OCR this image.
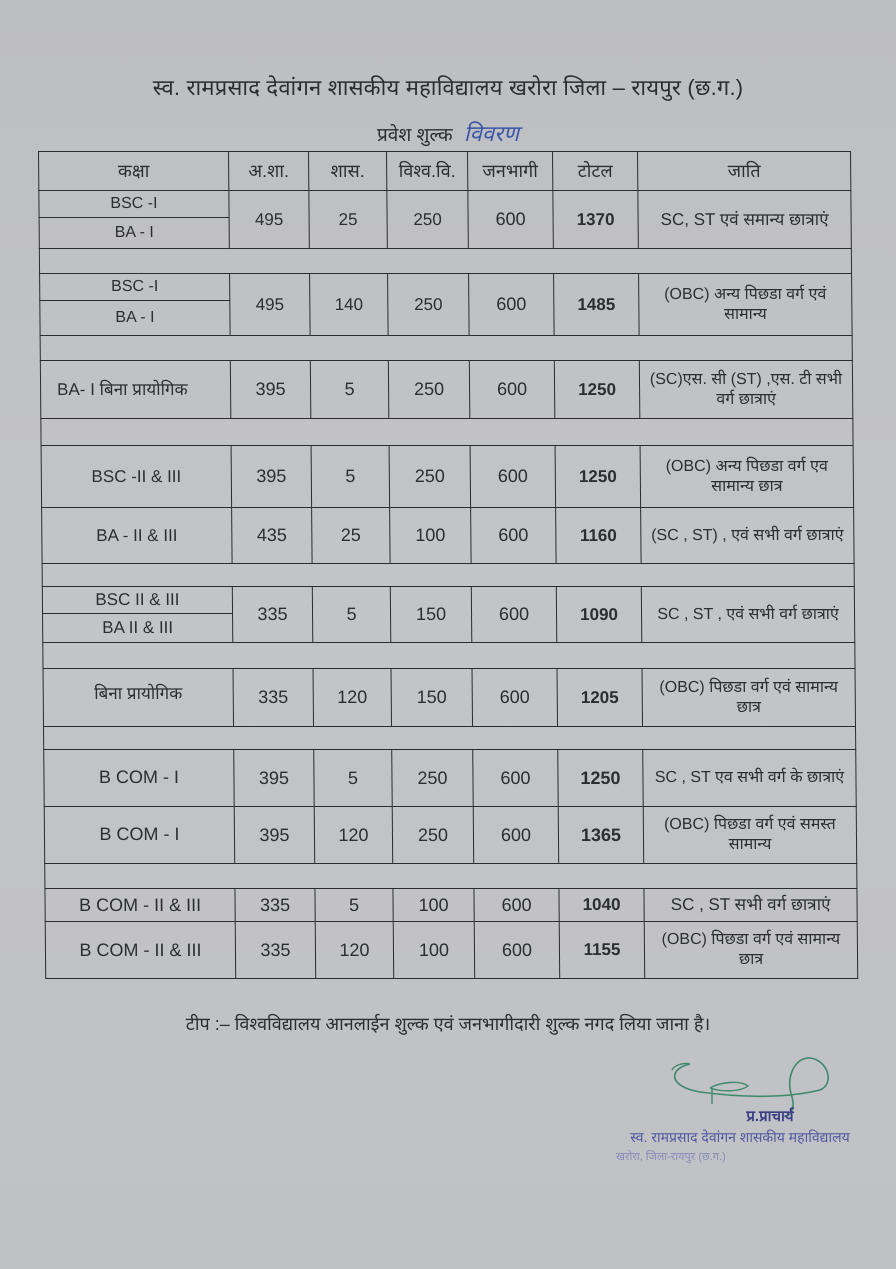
स्व. रामप्रसाद देवांगन शासकीय महाविद्यालय खरोरा जिला – रायपुर (छ.ग.)
प्रवेश शुल्क विवरण
कक्षा	अ.शा.	शास.	विश्व.वि.	जनभागी	टोटल	जाति
BSC -I	495	25	250	600	1370	SC, ST एवं समान्य छात्राएं
BA - I						

BSC -I	495	140	250	600	1485	(OBC) अन्य पिछडा वर्ग एवं सामान्य
BA - I						

BA- I बिना प्रायोगिक	395	5	250	600	1250	(SC)एस. सी (ST) ,एस. टी सभी वर्ग छात्राएं

BSC -II & III	395	5	250	600	1250	(OBC) अन्य पिछडा वर्ग एव सामान्य छात्र
BA - II & III	435	25	100	600	1160	(SC , ST) , एवं सभी वर्ग छात्राएं

BSC II & III	335	5	150	600	1090	SC , ST , एवं सभी वर्ग छात्राएं
BA II & III						

बिना प्रायोगिक	335	120	150	600	1205	(OBC) पिछडा वर्ग एवं सामान्य छात्र

B COM - I	395	5	250	600	1250	SC , ST एव सभी वर्ग के छात्राएं
B COM - I	395	120	250	600	1365	(OBC) पिछडा वर्ग एवं समस्त सामान्य

B COM - II & III	335	5	100	600	1040	SC , ST सभी वर्ग छात्राएं
B COM - II & III	335	120	100	600	1155	(OBC) पिछडा वर्ग एवं सामान्य छात्र
टीप :– विश्वविद्यालय आनलाईन शुल्क एवं जनभागीदारी शुल्क नगद लिया जाना है।
प्र.प्राचार्य
स्व. रामप्रसाद देवांगन शासकीय महाविद्यालय
खरोरा, जिला-रायपुर (छ.ग.)
